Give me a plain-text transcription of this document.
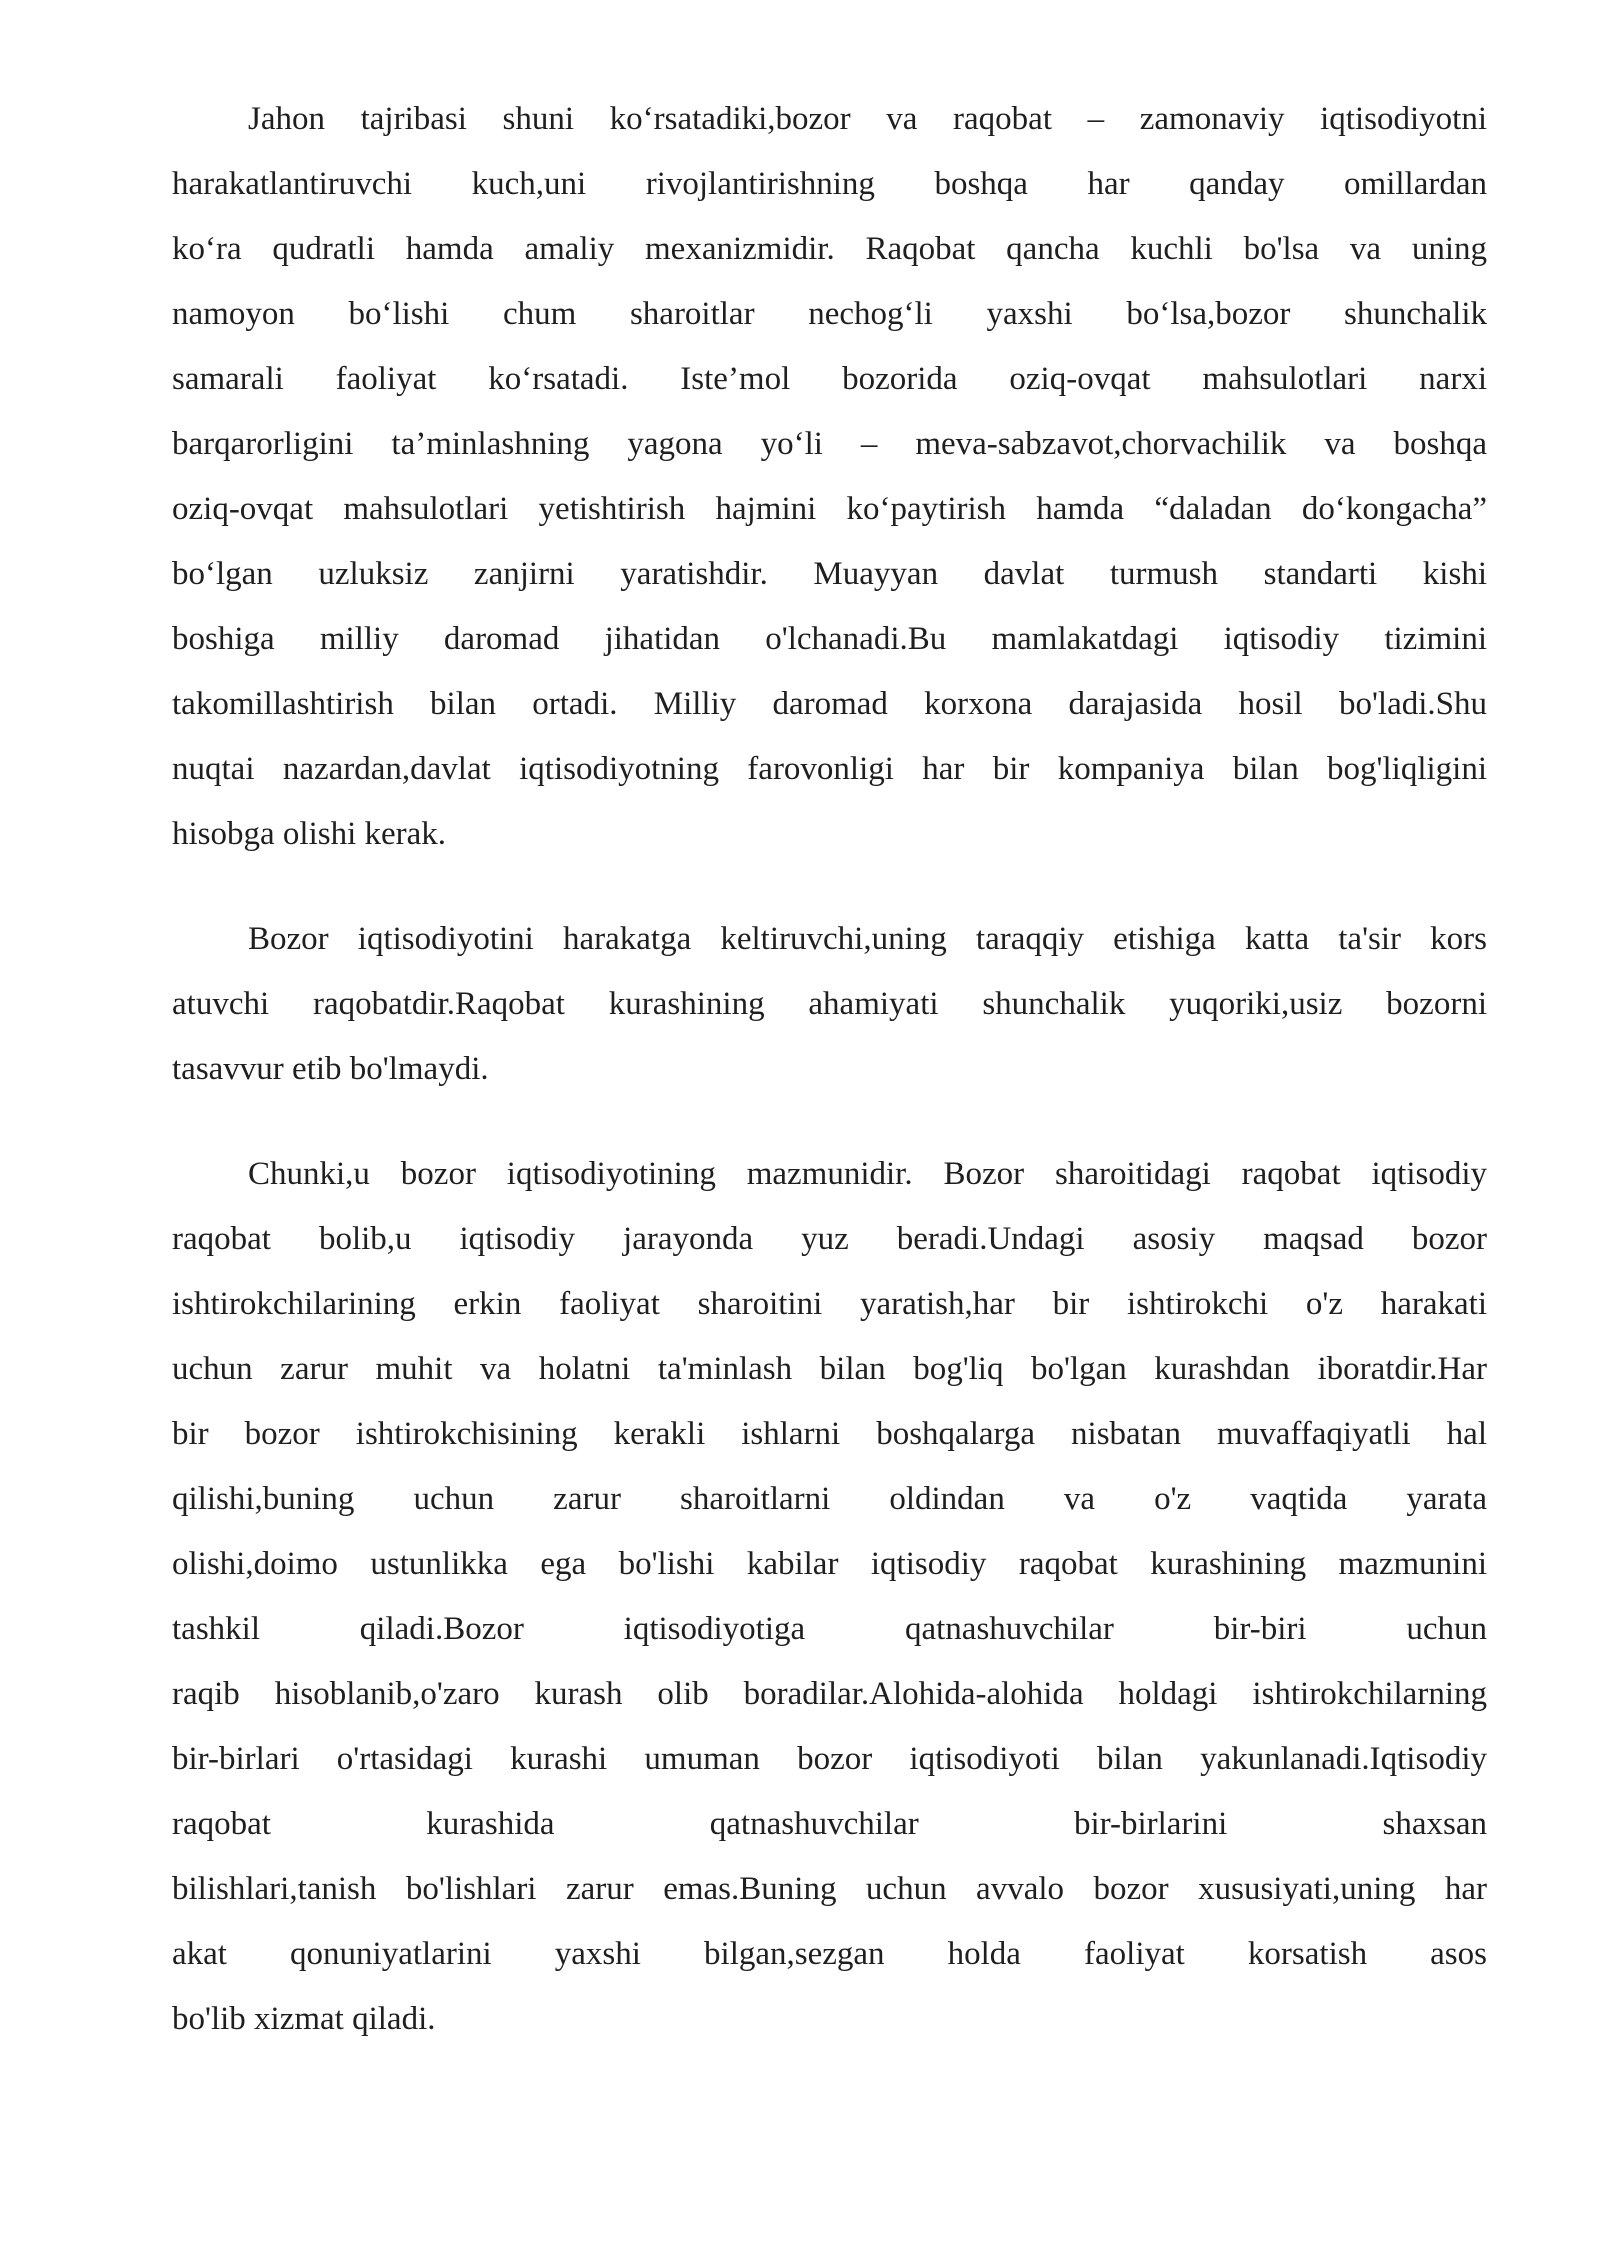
Jahon tajribasi shuni ko‘rsatadiki,bozor va raqobat – zamonaviy iqtisodiyotni
harakatlantiruvchi kuch,uni rivojlantirishning boshqa har qanday omillardan
ko‘ra qudratli hamda amaliy mexanizmidir. Raqobat qancha kuchli bo'lsa va uning
namoyon bo‘lishi chum sharoitlar nechog‘li yaxshi bo‘lsa,bozor shunchalik
samarali faoliyat ko‘rsatadi. Iste’mol bozorida oziq-ovqat mahsulotlari narxi
barqarorligini ta’minlashning yagona yo‘li – meva-sabzavot,chorvachilik va boshqa
oziq-ovqat mahsulotlari yetishtirish hajmini ko‘paytirish hamda “daladan do‘kongacha”
bo‘lgan uzluksiz zanjirni yaratishdir. Muayyan davlat turmush standarti kishi
boshiga milliy daromad jihatidan o'lchanadi.Bu mamlakatdagi iqtisodiy tizimini
takomillashtirish bilan ortadi. Milliy daromad korxona darajasida hosil bo'ladi.Shu
nuqtai nazardan,davlat iqtisodiyotning farovonligi har bir kompaniya bilan bog'liqligini
hisobga olishi kerak.
Bozor iqtisodiyotini harakatga keltiruvchi,uning taraqqiy etishiga katta ta'sir kors
atuvchi raqobatdir.Raqobat kurashining ahamiyati shunchalik yuqoriki,usiz bozorni
tasavvur etib bo'lmaydi.
Chunki,u bozor iqtisodiyotining mazmunidir. Bozor sharoitidagi raqobat iqtisodiy
raqobat bolib,u iqtisodiy jarayonda yuz beradi.Undagi asosiy maqsad bozor
ishtirokchilarining erkin faoliyat sharoitini yaratish,har bir ishtirokchi o'z harakati
uchun zarur muhit va holatni ta'minlash bilan bog'liq bo'lgan kurashdan iboratdir.Har
bir bozor ishtirokchisining kerakli ishlarni boshqalarga nisbatan muvaffaqiyatli hal
qilishi,buning uchun zarur sharoitlarni oldindan va o'z vaqtida yarata
olishi,doimo ustunlikka ega bo'lishi kabilar iqtisodiy raqobat kurashining mazmunini
tashkil qiladi.Bozor iqtisodiyotiga qatnashuvchilar bir-biri uchun
raqib hisoblanib,o'zaro kurash olib boradilar.Alohida-alohida holdagi ishtirokchilarning
bir-birlari o'rtasidagi kurashi umuman bozor iqtisodiyoti bilan yakunlanadi.Iqtisodiy
raqobat kurashida qatnashuvchilar bir-birlarini shaxsan
bilishlari,tanish bo'lishlari zarur emas.Buning uchun avvalo bozor xususiyati,uning har
akat qonuniyatlarini yaxshi bilgan,sezgan holda faoliyat korsatish asos
bo'lib xizmat qiladi.
